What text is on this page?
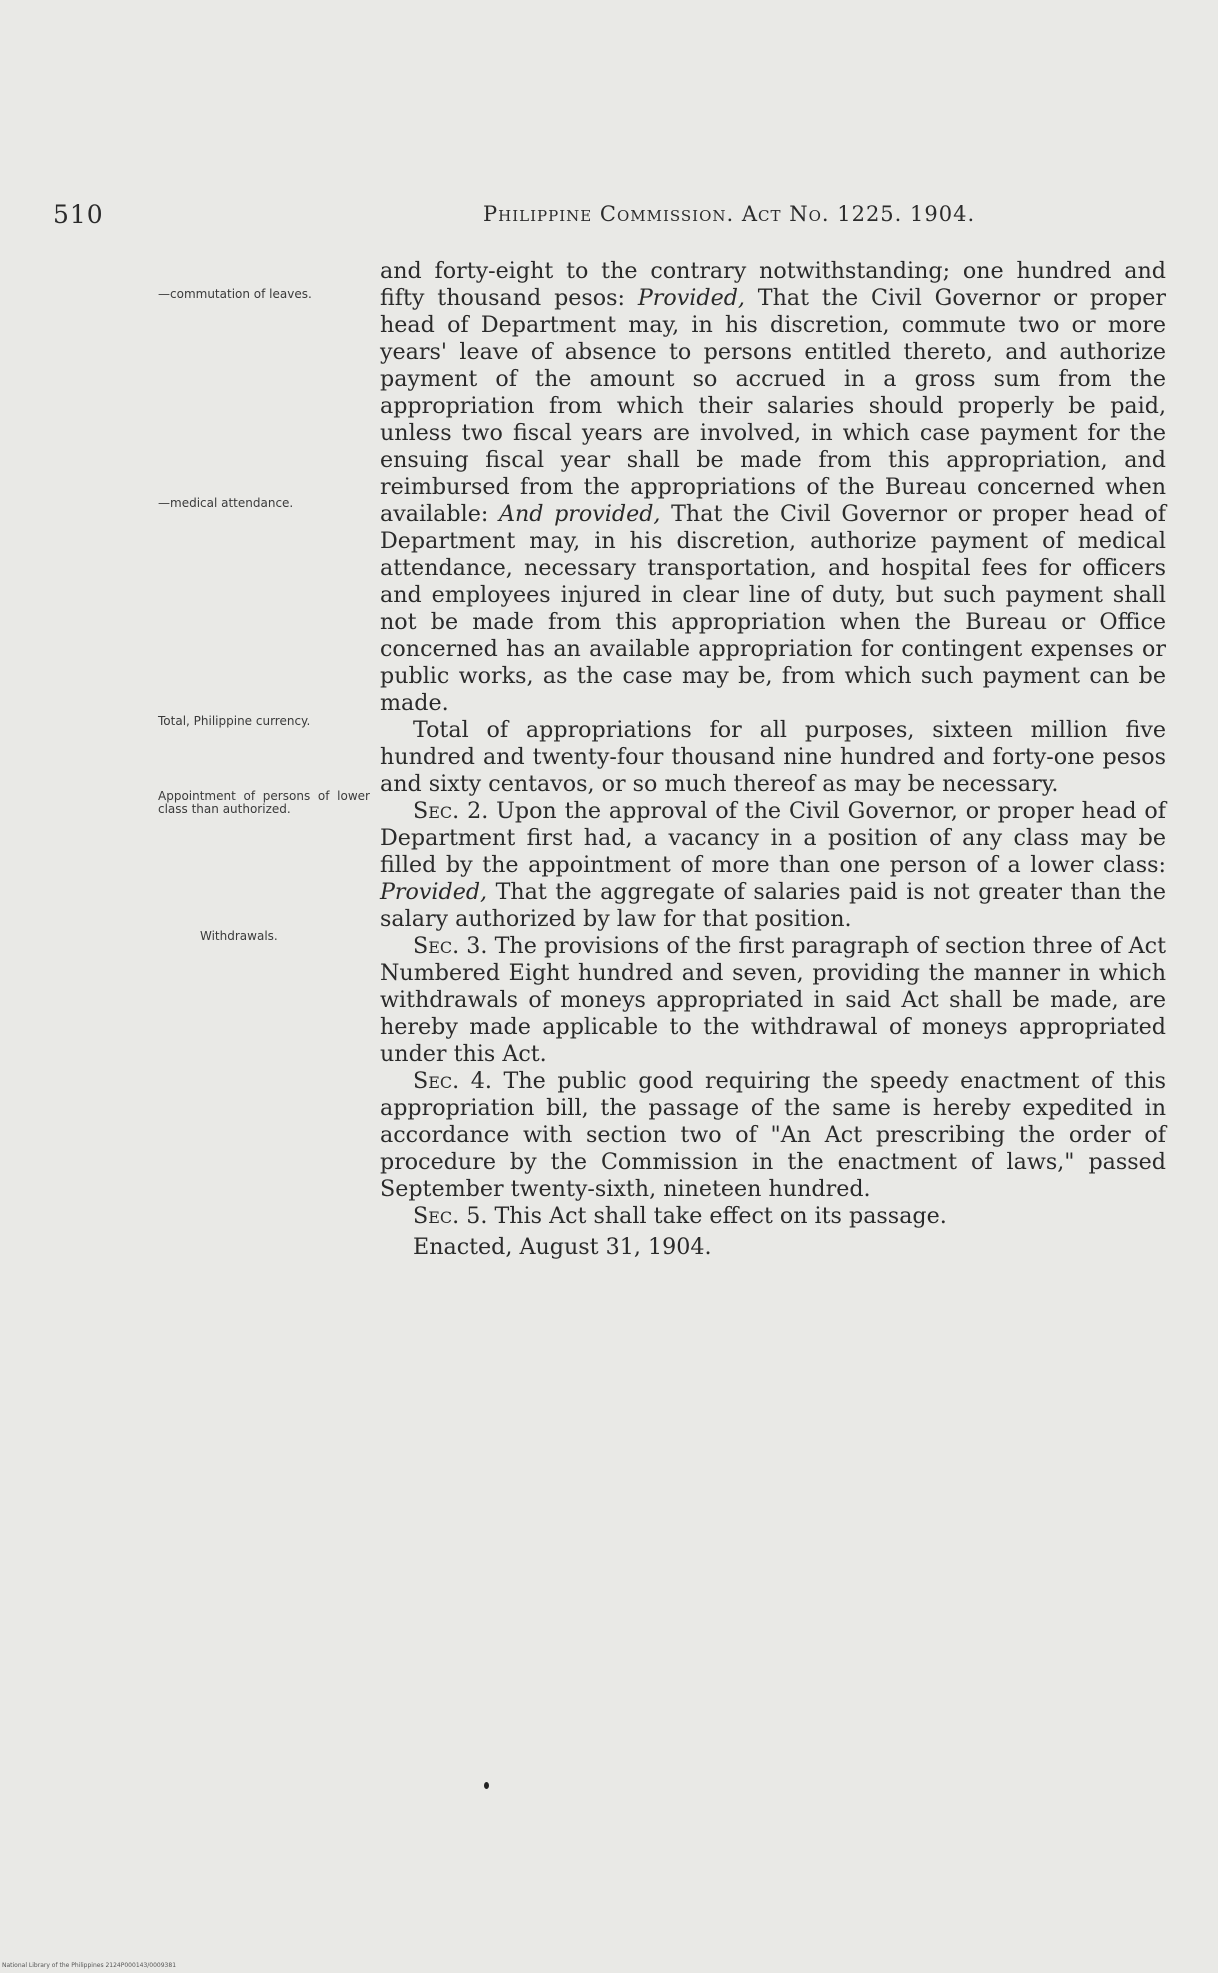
510	Philippine Commission. Act No. 1225. 1904.
—commutation of leaves.
—medical attendance.
Total, Philippine currency.
Appointment of persons of lower class than authorized.
Withdrawals.

and forty-eight to the contrary notwithstanding; one hundred and fifty thousand pesos: Provided, That the Civil Governor or proper head of Department may, in his discretion, commute two or more years' leave of absence to persons entitled thereto, and authorize payment of the amount so accrued in a gross sum from the appropriation from which their salaries should properly be paid, unless two fiscal years are involved, in which case payment for the ensuing fiscal year shall be made from this appropriation, and reimbursed from the appropriations of the Bureau concerned when available: And provided, That the Civil Governor or proper head of Department may, in his discretion, authorize payment of medical attendance, necessary transportation, and hospital fees for officers and employees injured in clear line of duty, but such payment shall not be made from this appropriation when the Bureau or Office concerned has an available appropriation for contingent expenses or public works, as the case may be, from which such payment can be made.

Total of appropriations for all purposes, sixteen million five hundred and twenty-four thousand nine hundred and forty-one pesos and sixty centavos, or so much thereof as may be necessary.

Sec. 2. Upon the approval of the Civil Governor, or proper head of Department first had, a vacancy in a position of any class may be filled by the appointment of more than one person of a lower class: Provided, That the aggregate of salaries paid is not greater than the salary authorized by law for that position.

Sec. 3. The provisions of the first paragraph of section three of Act Numbered Eight hundred and seven, providing the manner in which withdrawals of moneys appropriated in said Act shall be made, are hereby made applicable to the withdrawal of moneys appropriated under this Act.

Sec. 4. The public good requiring the speedy enactment of this appropriation bill, the passage of the same is hereby expedited in accordance with section two of "An Act prescribing the order of procedure by the Commission in the enactment of laws," passed September twenty-sixth, nineteen hundred.

Sec. 5. This Act shall take effect on its passage.

Enacted, August 31, 1904.

National Library of the Philippines 2124P000143/0009381
